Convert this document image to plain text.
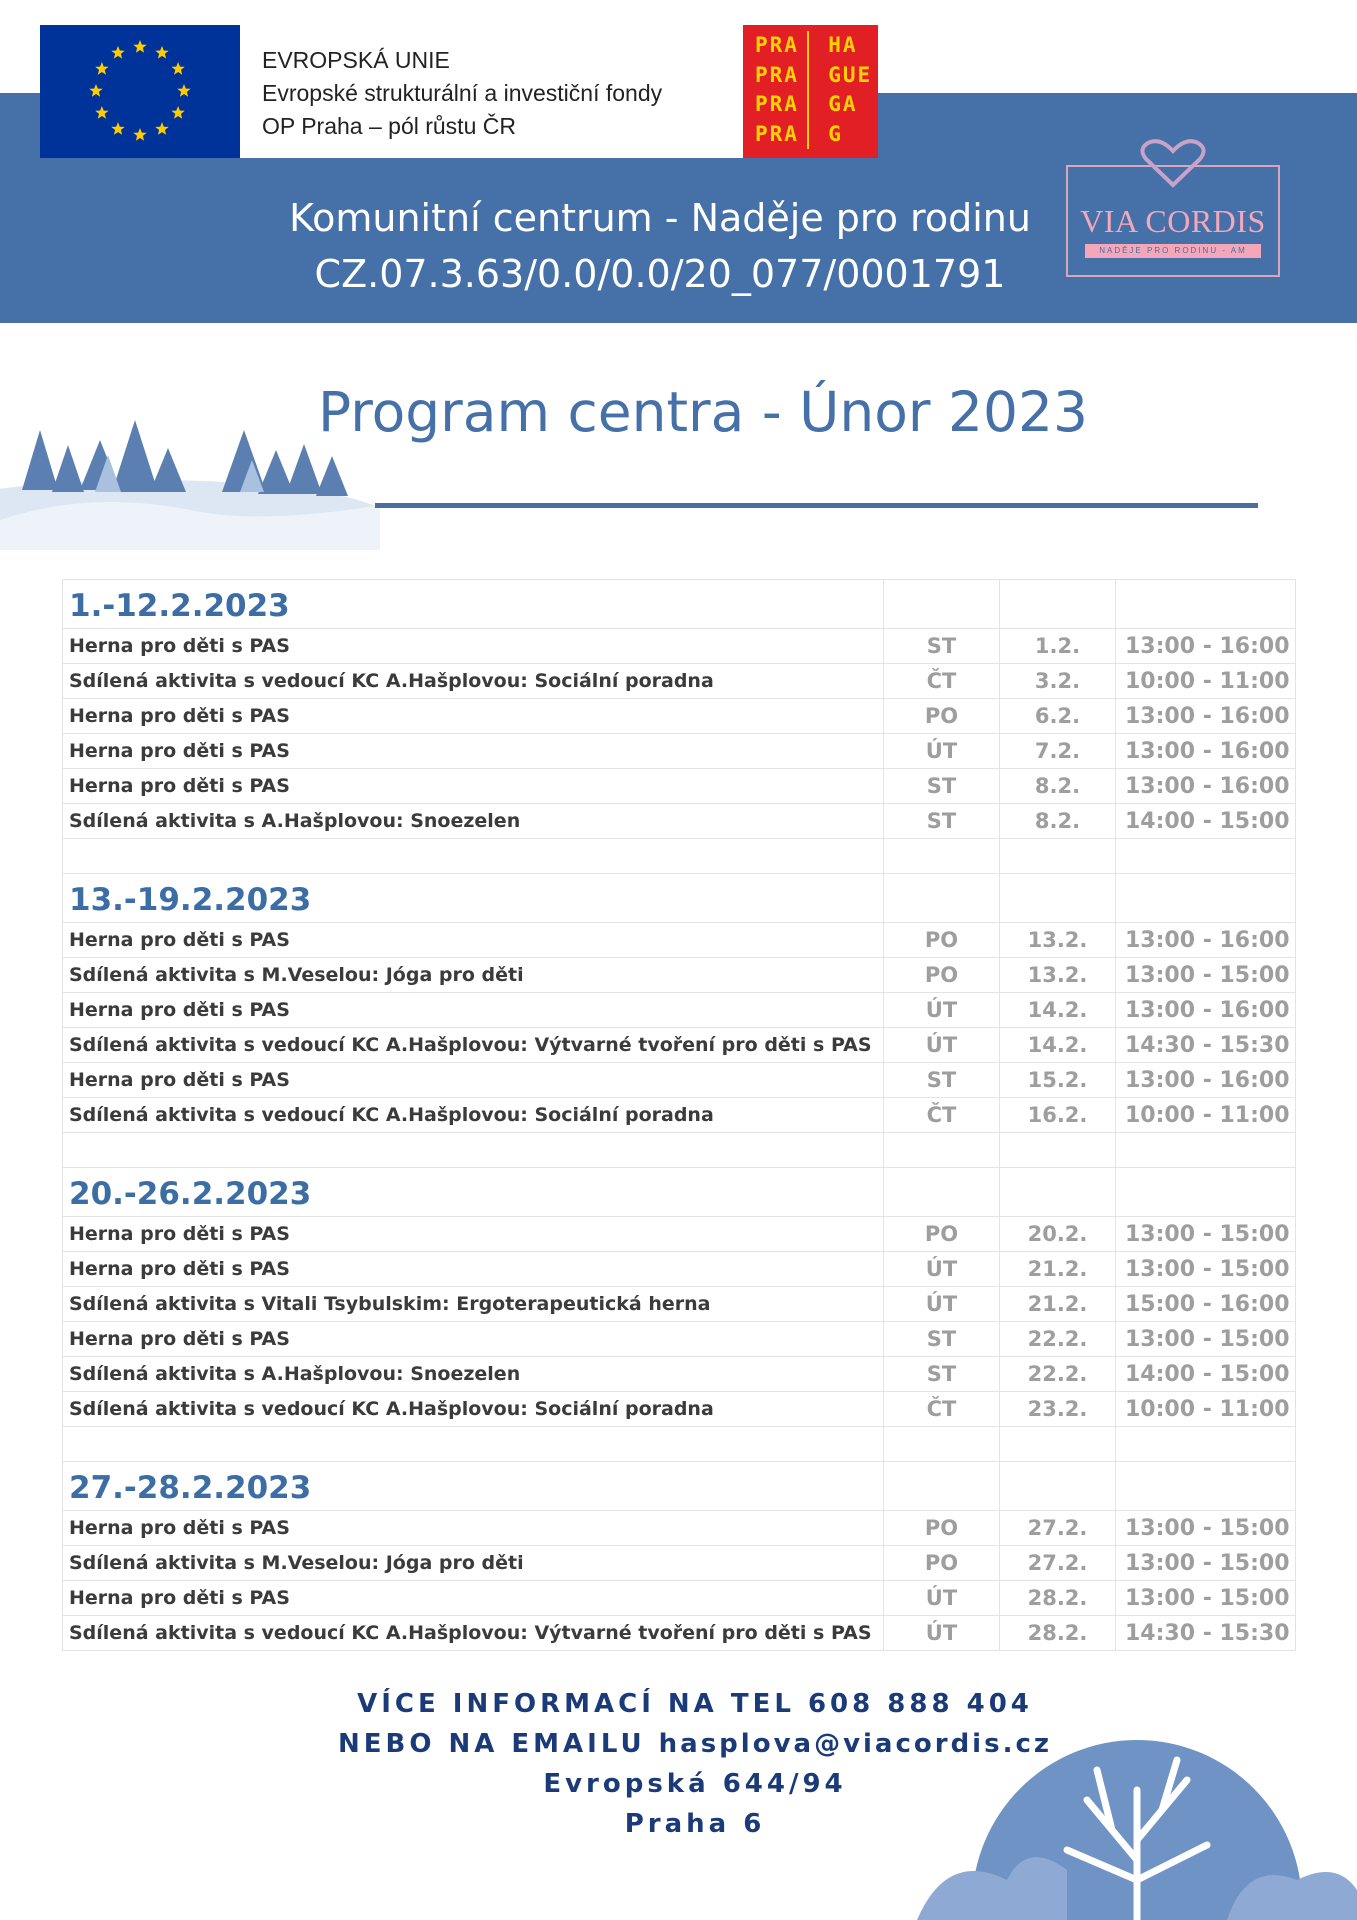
EVROPSKÁ UNIE
Evropské strukturální a investiční fondy
OP Praha – pól růstu ČR
PRA HA
PRA GUE
PRA GA
PRA G
Komunitní centrum - Naděje pro rodinu
CZ.07.3.63/0.0/0.0/20_077/0001791
VIA CORDIS
NADĚJE PRO RODINU - AM
Program centra - Únor 2023
1.-12.2.2023			
Herna pro děti s PAS	ST	1.2.	13:00 - 16:00
Sdílená aktivita s vedoucí KC A.Hašplovou: Sociální poradna	ČT	3.2.	10:00 - 11:00
Herna pro děti s PAS	PO	6.2.	13:00 - 16:00
Herna pro děti s PAS	ÚT	7.2.	13:00 - 16:00
Herna pro děti s PAS	ST	8.2.	13:00 - 16:00
Sdílená aktivita s A.Hašplovou: Snoezelen	ST	8.2.	14:00 - 15:00

13.-19.2.2023			
Herna pro děti s PAS	PO	13.2.	13:00 - 16:00
Sdílená aktivita s M.Veselou: Jóga pro děti	PO	13.2.	13:00 - 15:00
Herna pro děti s PAS	ÚT	14.2.	13:00 - 16:00
Sdílená aktivita s vedoucí KC A.Hašplovou: Výtvarné tvoření pro děti s PAS	ÚT	14.2.	14:30 - 15:30
Herna pro děti s PAS	ST	15.2.	13:00 - 16:00
Sdílená aktivita s vedoucí KC A.Hašplovou: Sociální poradna	ČT	16.2.	10:00 - 11:00

20.-26.2.2023			
Herna pro děti s PAS	PO	20.2.	13:00 - 15:00
Herna pro děti s PAS	ÚT	21.2.	13:00 - 15:00
Sdílená aktivita s Vitali Tsybulskim: Ergoterapeutická herna	ÚT	21.2.	15:00 - 16:00
Herna pro děti s PAS	ST	22.2.	13:00 - 15:00
Sdílená aktivita s A.Hašplovou: Snoezelen	ST	22.2.	14:00 - 15:00
Sdílená aktivita s vedoucí KC A.Hašplovou: Sociální poradna	ČT	23.2.	10:00 - 11:00

27.-28.2.2023			
Herna pro děti s PAS	PO	27.2.	13:00 - 15:00
Sdílená aktivita s M.Veselou: Jóga pro děti	PO	27.2.	13:00 - 15:00
Herna pro děti s PAS	ÚT	28.2.	13:00 - 15:00
Sdílená aktivita s vedoucí KC A.Hašplovou: Výtvarné tvoření pro děti s PAS	ÚT	28.2.	14:30 - 15:30
VÍCE INFORMACÍ NA TEL 608 888 404
NEBO NA EMAILU hasplova@viacordis.cz
Evropská 644/94
Praha 6
